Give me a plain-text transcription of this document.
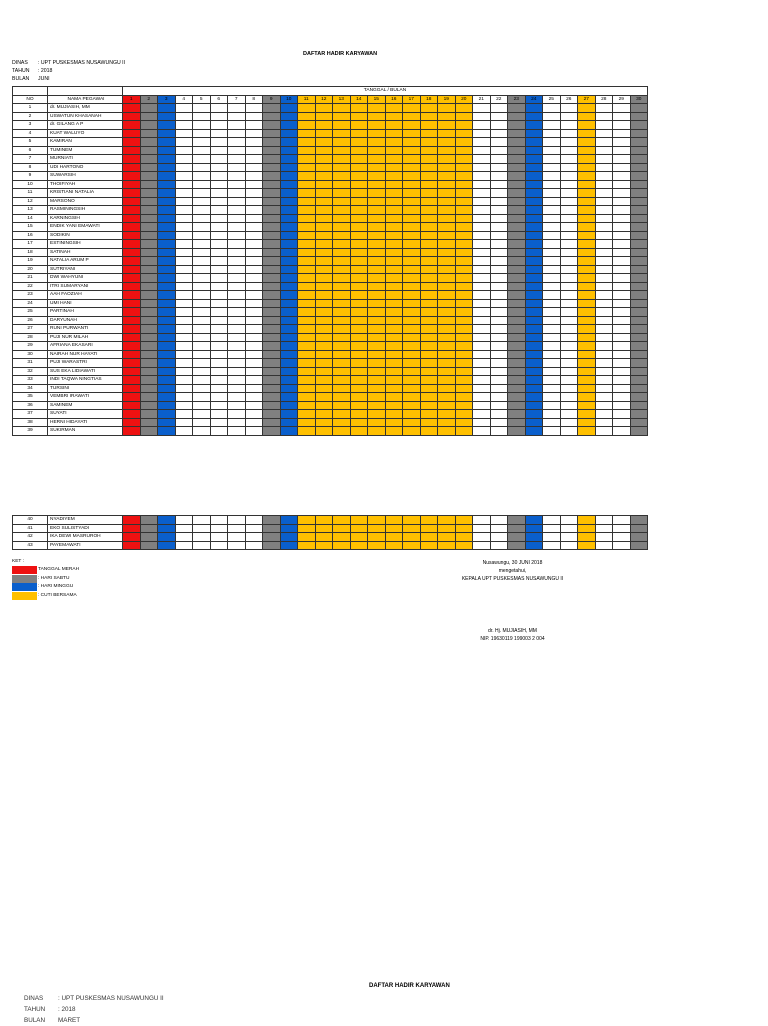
DAFTAR HADIR KARYAWAN
DINAS : UPT PUSKESMAS NUSAWUNGU II
TAHUN : 2018
BULAN JUNI
		TANGGAL / BULAN																													
NO	NAMA PEGAWAI	1	2	3	4	5	6	7	8	9	10	11	12	13	14	15	16	17	18	19	20	21	22	23	24	25	26	27	28	29	30
1	dr. MUJIASIH, MM																														
2	USWATUN KHASANAH																														
3	dr. GILANG A P																														
4	KUAT WALUYO																														
5	KAMIRAN																														
6	TUMINEM																														
7	MURNIATI																														
8	UDI HARTONO																														
9	SUWARSIH																														
10	THOIFIYAH																														
11	KRISTIANI NATALIA																														
12	MARSONO																														
13	RASMININGSIH																														
14	KARNINGSIH																														
15	ENDIK YANI EMAWATI																														
16	SODIKIN																														
17	ESTININGSIH																														
18	SATINAH																														
19	NATALIA ARUM P																														
20	SUTRIYANI																														
21	DWI WAHYUNI																														
22	ITRI SUMARYANI																														
23	AAH FAOZIAH																														
24	UMI HANI																														
25	PARTINAH																														
26	DARYUNAH																														
27	RUNI PURWANTI																														
28	PUJI NUR MILAH																														
29	AFRIANA EKASARI																														
30	NAIRAH NUR HAYATI																														
31	PUJI WARASTRI																														
32	SUS EKA LIDIAWATI																														
33	INDI TAQWA NINGTIAS																														
34	TURSINI																														
35	VEMBRI IRAWATI																														
36	SAMINEM																														
37	SUYATI																														
38	HERNI HIDAYATI																														
39	SUKIRMAN																														
40	NYADIYEM																														
41	EKO SULISTYADI																														
42	IKA DEWI MASRUROH																														
43	PAYEMAWATI																														
KET :
TANGGAL MERAH
: HARI SABTU
: HARI MINGGU
: CUTI BERSAMA
Nusawungu, 30 JUNI 2018
mengetahui,
KEPALA UPT PUSKESMAS NUSAWUNGU II
dr. Hj. MUJIASIH, MM
NIP. 19630119 199003 2 004
DAFTAR HADIR KARYAWAN
DINAS : UPT PUSKESMAS NUSAWUNGU II
TAHUN : 2018
BULAN MARET
